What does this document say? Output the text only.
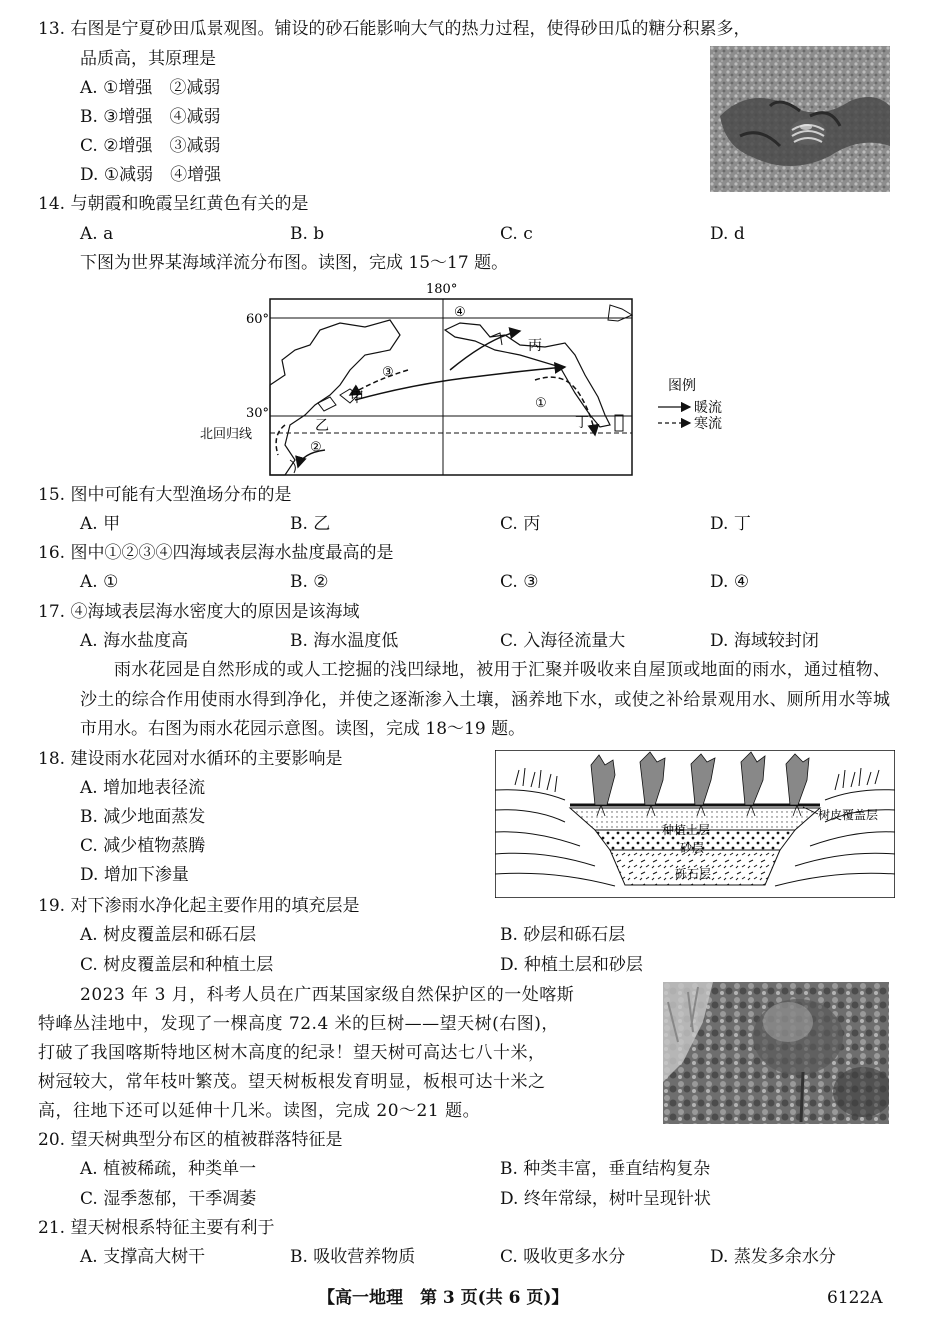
13. 右图是宁夏砂田瓜景观图。铺设的砂石能影响大气的热力过程，使得砂田瓜的糖分积累多，
品质高，其原理是
A. ①增强　②减弱
B. ③增强　④减弱
C. ②增强　③减弱
D. ①减弱　④增强
14. 与朝霞和晚霞呈红黄色有关的是
A. a	B. b	C. c	D. d
下图为世界某海域洋流分布图。读图，完成 15～17 题。
180°
60°
30°
北回归线
④
丙
③
甲	①
丁
乙
②
图例
暖流
寒流
15. 图中可能有大型渔场分布的是
A. 甲	B. 乙	C. 丙	D. 丁
16. 图中①②③④四海域表层海水盐度最高的是
A. ①	B. ②	C. ③	D. ④
17. ④海域表层海水密度大的原因是该海域
A. 海水盐度高	B. 海水温度低	C. 入海径流量大	D. 海域较封闭
雨水花园是自然形成的或人工挖掘的浅凹绿地，被用于汇聚并吸收来自屋顶或地面的雨水，通过植物、沙土的综合作用使雨水得到净化，并使之逐渐渗入土壤，涵养地下水，或使之补给景观用水、厕所用水等城市用水。右图为雨水花园示意图。读图，完成 18～19 题。
18. 建设雨水花园对水循环的主要影响是
A. 增加地表径流
B. 减少地面蒸发
C. 减少植物蒸腾
D. 增加下渗量
种植土层
砂层
砾石层
树皮覆盖层
19. 对下渗雨水净化起主要作用的填充层是
A. 树皮覆盖层和砾石层	B. 砂层和砾石层
C. 树皮覆盖层和种植土层	D. 种植土层和砂层
2023 年 3 月，科考人员在广西某国家级自然保护区的一处喀斯
特峰丛洼地中，发现了一棵高度 72.4 米的巨树——望天树(右图)，
打破了我国喀斯特地区树木高度的纪录！望天树可高达七八十米，
树冠较大，常年枝叶繁茂。望天树板根发育明显，板根可达十米之
高，往地下还可以延伸十几米。读图，完成 20～21 题。
20. 望天树典型分布区的植被群落特征是
A. 植被稀疏，种类单一	B. 种类丰富，垂直结构复杂
C. 湿季葱郁，干季凋萎	D. 终年常绿，树叶呈现针状
21. 望天树根系特征主要有利于
A. 支撑高大树干	B. 吸收营养物质	C. 吸收更多水分	D. 蒸发多余水分
【高一地理　第 3 页(共 6 页)】	6122A
